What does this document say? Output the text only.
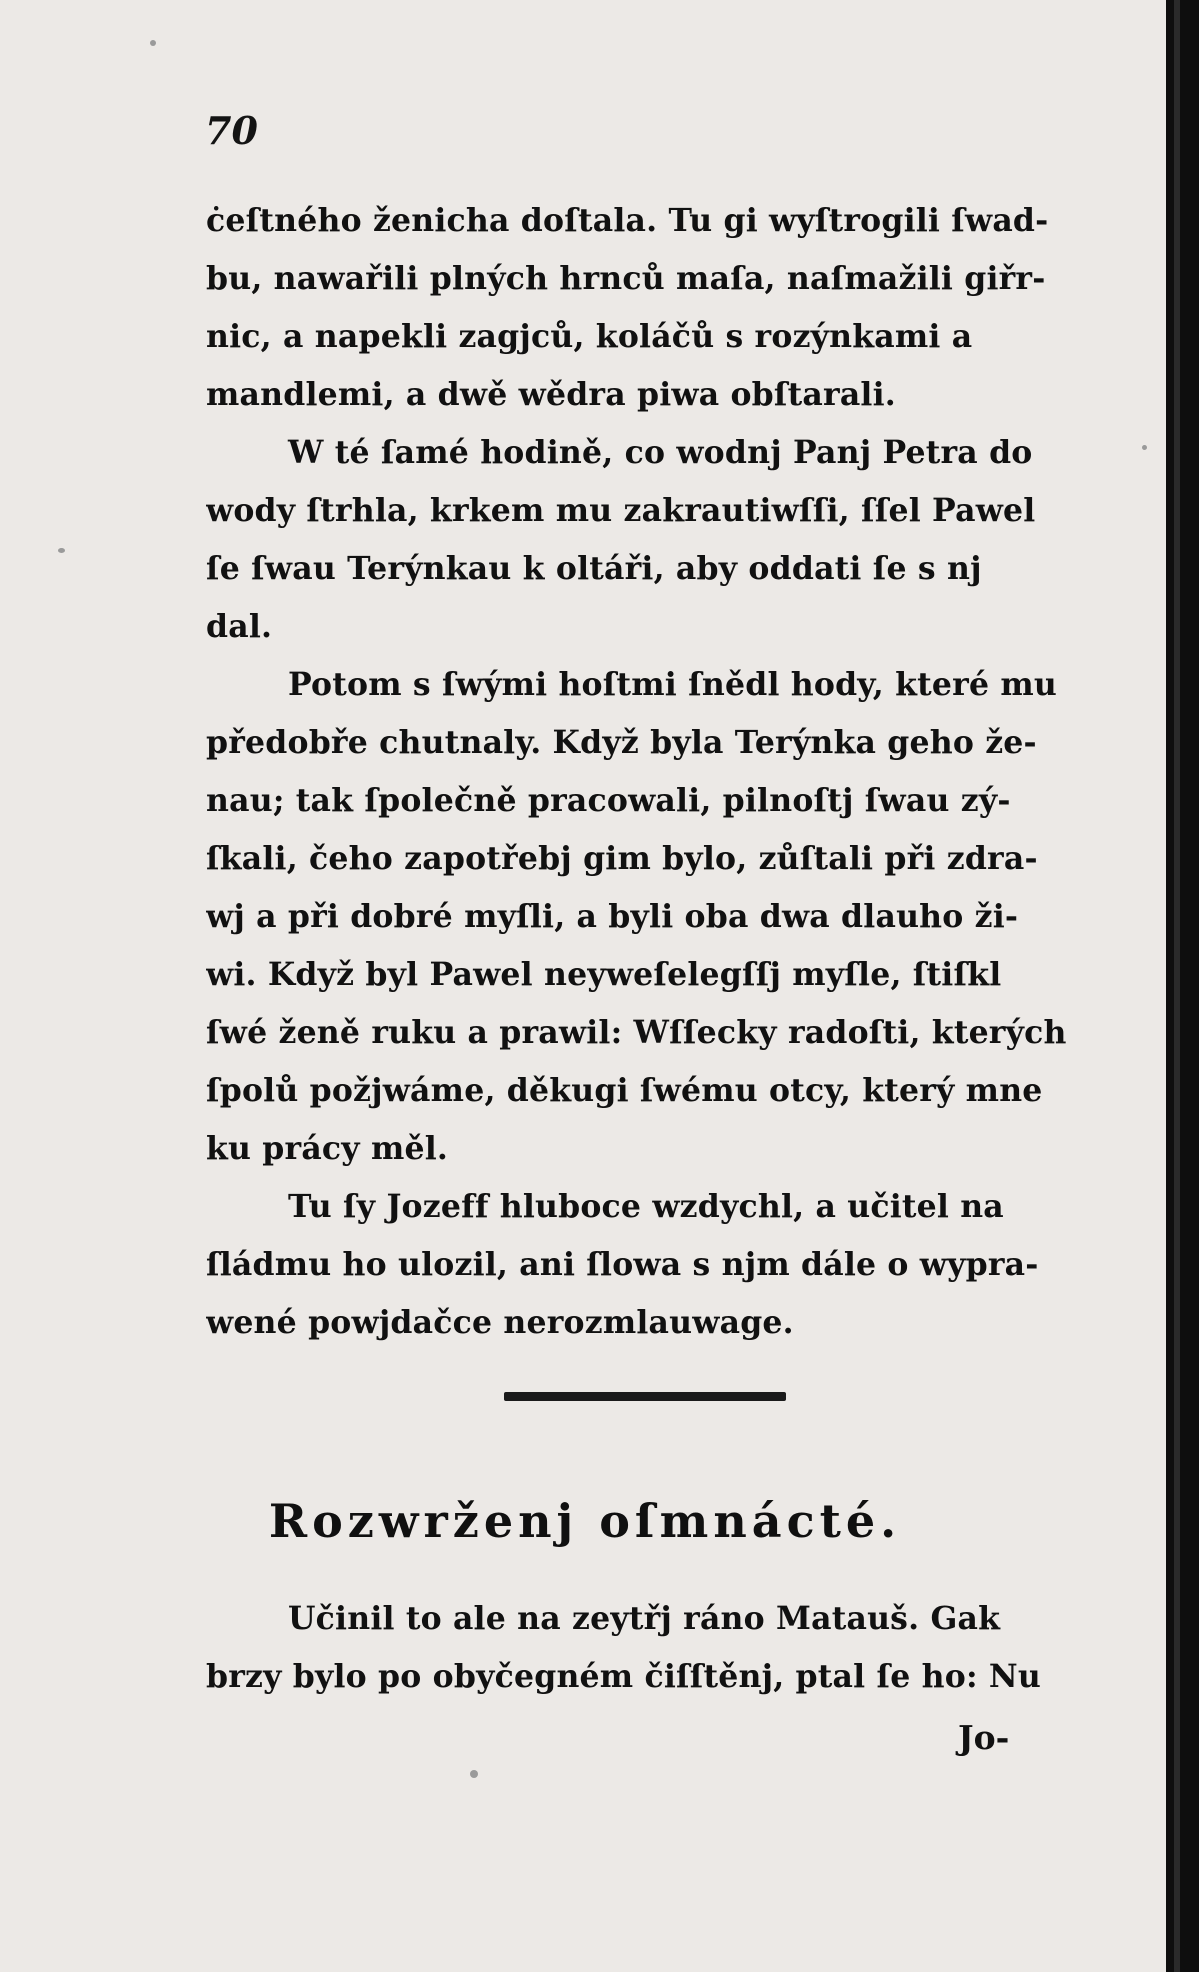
70
ċeſtného ženicha doſtala. Tu gi wyſtrogili ſwad-
bu, nawařili plných hrnců maſa, naſmažili giřr-
nic, a napekli zagjců, koláčů s rozýnkami a
mandlemi, a dwě wědra piwa obſtarali.
W té ſamé hodině, co wodnj Panj Petra do
wody ſtrhla, krkem mu zakrautiwſſi, ſſel Pawel
ſe ſwau Terýnkau k oltáři, aby oddati ſe s nj
dal.
Potom s ſwými hoſtmi ſnědl hody, které mu
předobře chutnaly. Když byla Terýnka geho že-
nau; tak ſpolečně pracowali, pilnoſtj ſwau zý-
ſkali, čeho zapotřebj gim bylo, zůſtali při zdra-
wj a při dobré myſli, a byli oba dwa dlauho ži-
wi. Když byl Pawel neyweſelegſſj myſle, ſtiſkl
ſwé ženě ruku a prawil: Wſſecky radoſti, kterých
ſpolů požjwáme, děkugi ſwému otcy, který mne
ku prácy měl.
Tu ſy Jozeff hluboce wzdychl, a učitel na
ſládmu ho ulozil, ani ſlowa s njm dále o wypra-
wené powjdačce nerozmlauwage.
Rozwrženj oſmnácté.
Učinil to ale na zeytřj ráno Matauš. Gak
brzy bylo po obyčegném čiſſtěnj, ptal ſe ho: Nu
Jo-
